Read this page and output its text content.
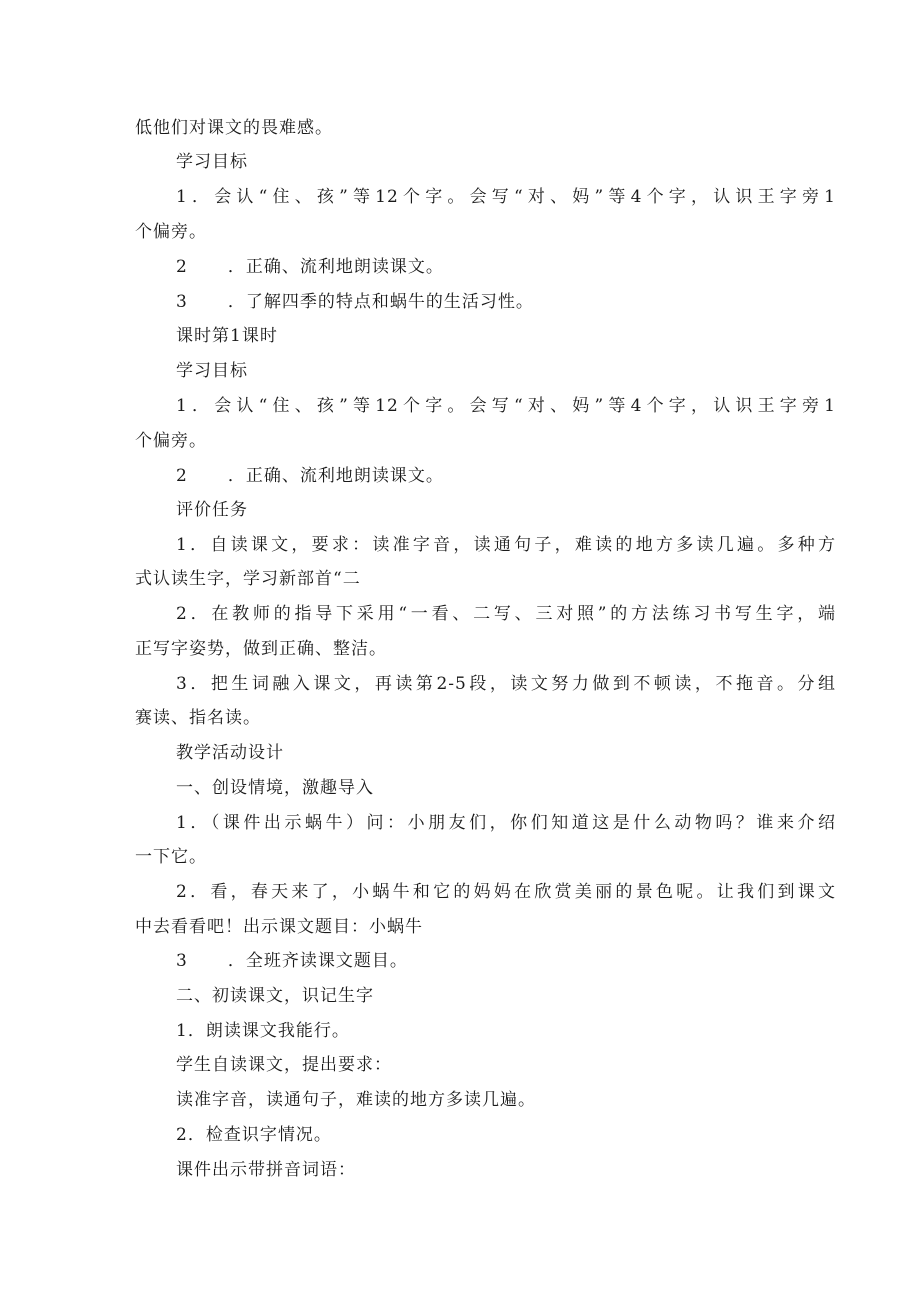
低他们对课文的畏难感。
学习目标
1．会认“住、孩”等12个字。会写“对、妈”等4个字，认识王字旁1
个偏旁。
2 ．正确、流利地朗读课文。
3 ．了解四季的特点和蜗牛的生活习性。
课时第1课时
学习目标
1．会认“住、孩”等12个字。会写“对、妈”等4个字，认识王字旁1
个偏旁。
2 ．正确、流利地朗读课文。
评价任务
1．自读课文，要求：读准字音，读通句子，难读的地方多读几遍。多种方
式认读生字，学习新部首“二
2．在教师的指导下采用“一看、二写、三对照”的方法练习书写生字，端
正写字姿势，做到正确、整洁。
3．把生词融入课文，再读第2-5段，读文努力做到不顿读，不拖音。分组
赛读、指名读。
教学活动设计
一、创设情境，激趣导入
1．（课件出示蜗牛）问：小朋友们，你们知道这是什么动物吗？谁来介绍
一下它。
2．看，春天来了，小蜗牛和它的妈妈在欣赏美丽的景色呢。让我们到课文
中去看看吧！出示课文题目：小蜗牛
3 ．全班齐读课文题目。
二、初读课文，识记生字
1．朗读课文我能行。
学生自读课文，提出要求：
读准字音，读通句子，难读的地方多读几遍。
2．检查识字情况。
课件出示带拼音词语：
